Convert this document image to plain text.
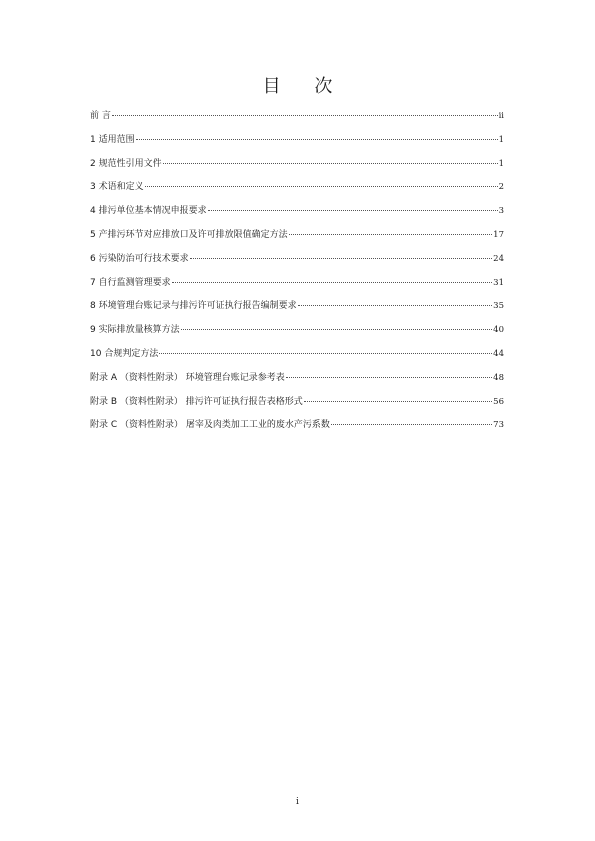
目 次
前 言	ii
1 适用范围	1
2 规范性引用文件	1
3 术语和定义	2
4 排污单位基本情况申报要求	3
5 产排污环节对应排放口及许可排放限值确定方法	17
6 污染防治可行技术要求	24
7 自行监测管理要求	31
8 环境管理台账记录与排污许可证执行报告编制要求	35
9 实际排放量核算方法	40
10 合规判定方法	44
附录 A （资料性附录） 环境管理台账记录参考表	48
附录 B （资料性附录） 排污许可证执行报告表格形式	56
附录 C （资料性附录） 屠宰及肉类加工工业的废水产污系数	73
i
